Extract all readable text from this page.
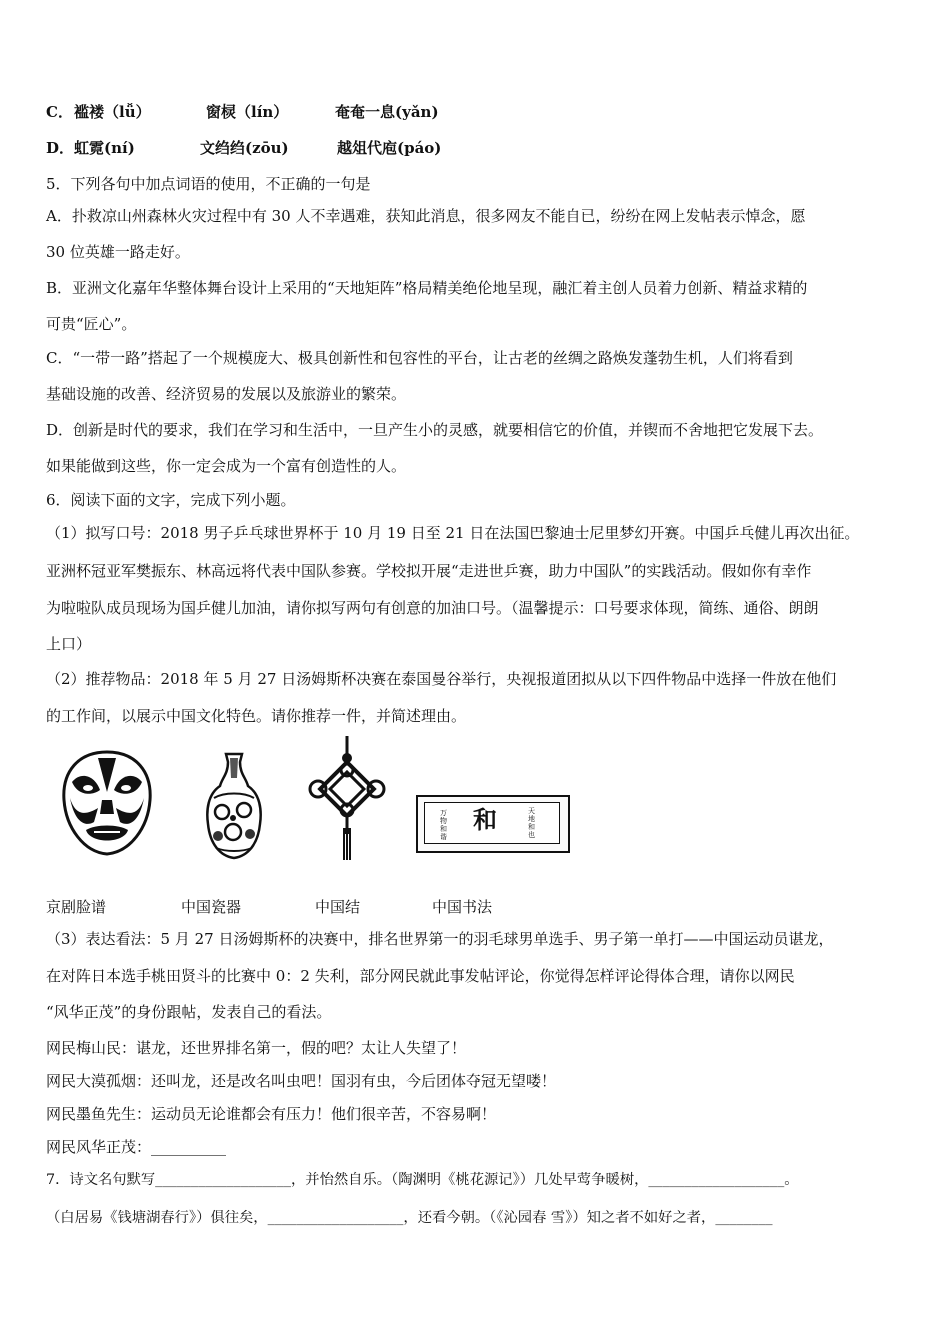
C． 褴褛（lǚ）	窗棂（lín）	奄奄一息(yǎn)
D． 虹霓(ní)	文绉绉(zōu)	越俎代庖(páo)
5．下列各句中加点词语的使用，不正确的一句是
A．扑救凉山州森林火灾过程中有 30 人不幸遇难，获知此消息，很多网友不能自已，纷纷在网上发帖表示悼念，愿
30 位英雄一路走好。
B．亚洲文化嘉年华整体舞台设计上采用的“天地矩阵”格局精美绝伦地呈现，融汇着主创人员着力创新、精益求精的
可贵“匠心”。
C．“一带一路”搭起了一个规模庞大、极具创新性和包容性的平台，让古老的丝绸之路焕发蓬勃生机，人们将看到
基础设施的改善、经济贸易的发展以及旅游业的繁荣。
D．创新是时代的要求，我们在学习和生活中，一旦产生小的灵感，就要相信它的价值，并锲而不舍地把它发展下去。
如果能做到这些，你一定会成为一个富有创造性的人。
6．阅读下面的文字，完成下列小题。
（1）拟写口号：2018 男子乒乓球世界杯于 10 月 19 日至 21 日在法国巴黎迪士尼里梦幻开赛。中国乒乓健儿再次出征。
亚洲杯冠亚军樊振东、林高远将代表中国队参赛。学校拟开展“走进世乒赛，助力中国队”的实践活动。假如你有幸作
为啦啦队成员现场为国乒健儿加油，请你拟写两句有创意的加油口号。（温馨提示：口号要求体现，简练、通俗、朗朗
上口）
（2）推荐物品：2018 年 5 月 27 日汤姆斯杯决赛在泰国曼谷举行，央视报道团拟从以下四件物品中选择一件放在他们
的工作间，以展示中国文化特色。请你推荐一件，并简述理由。
和	天地和也
万物和谐
京剧脸谱	中国瓷器	中国结	中国书法
（3）表达看法：5 月 27 日汤姆斯杯的决赛中，排名世界第一的羽毛球男单选手、男子第一单打——中国运动员谌龙，
在对阵日本选手桃田贤斗的比赛中 0：2 失利，部分网民就此事发帖评论，你觉得怎样评论得体合理，请你以网民
“风华正茂”的身份跟帖，发表自己的看法。
网民梅山民：谌龙，还世界排名第一，假的吧？太让人失望了！
网民大漠孤烟：还叫龙，还是改名叫虫吧！国羽有虫，今后团体夺冠无望喽！
网民墨鱼先生：运动员无论谁都会有压力！他们很辛苦，不容易啊！
网民风华正茂：__________
7．诗文名句默写___________________，并怡然自乐。（陶渊明《桃花源记》）几处早莺争暖树，___________________。
（白居易《钱塘湖春行》）俱往矣，___________________，还看今朝。（《沁园春 雪》）知之者不如好之者，________
